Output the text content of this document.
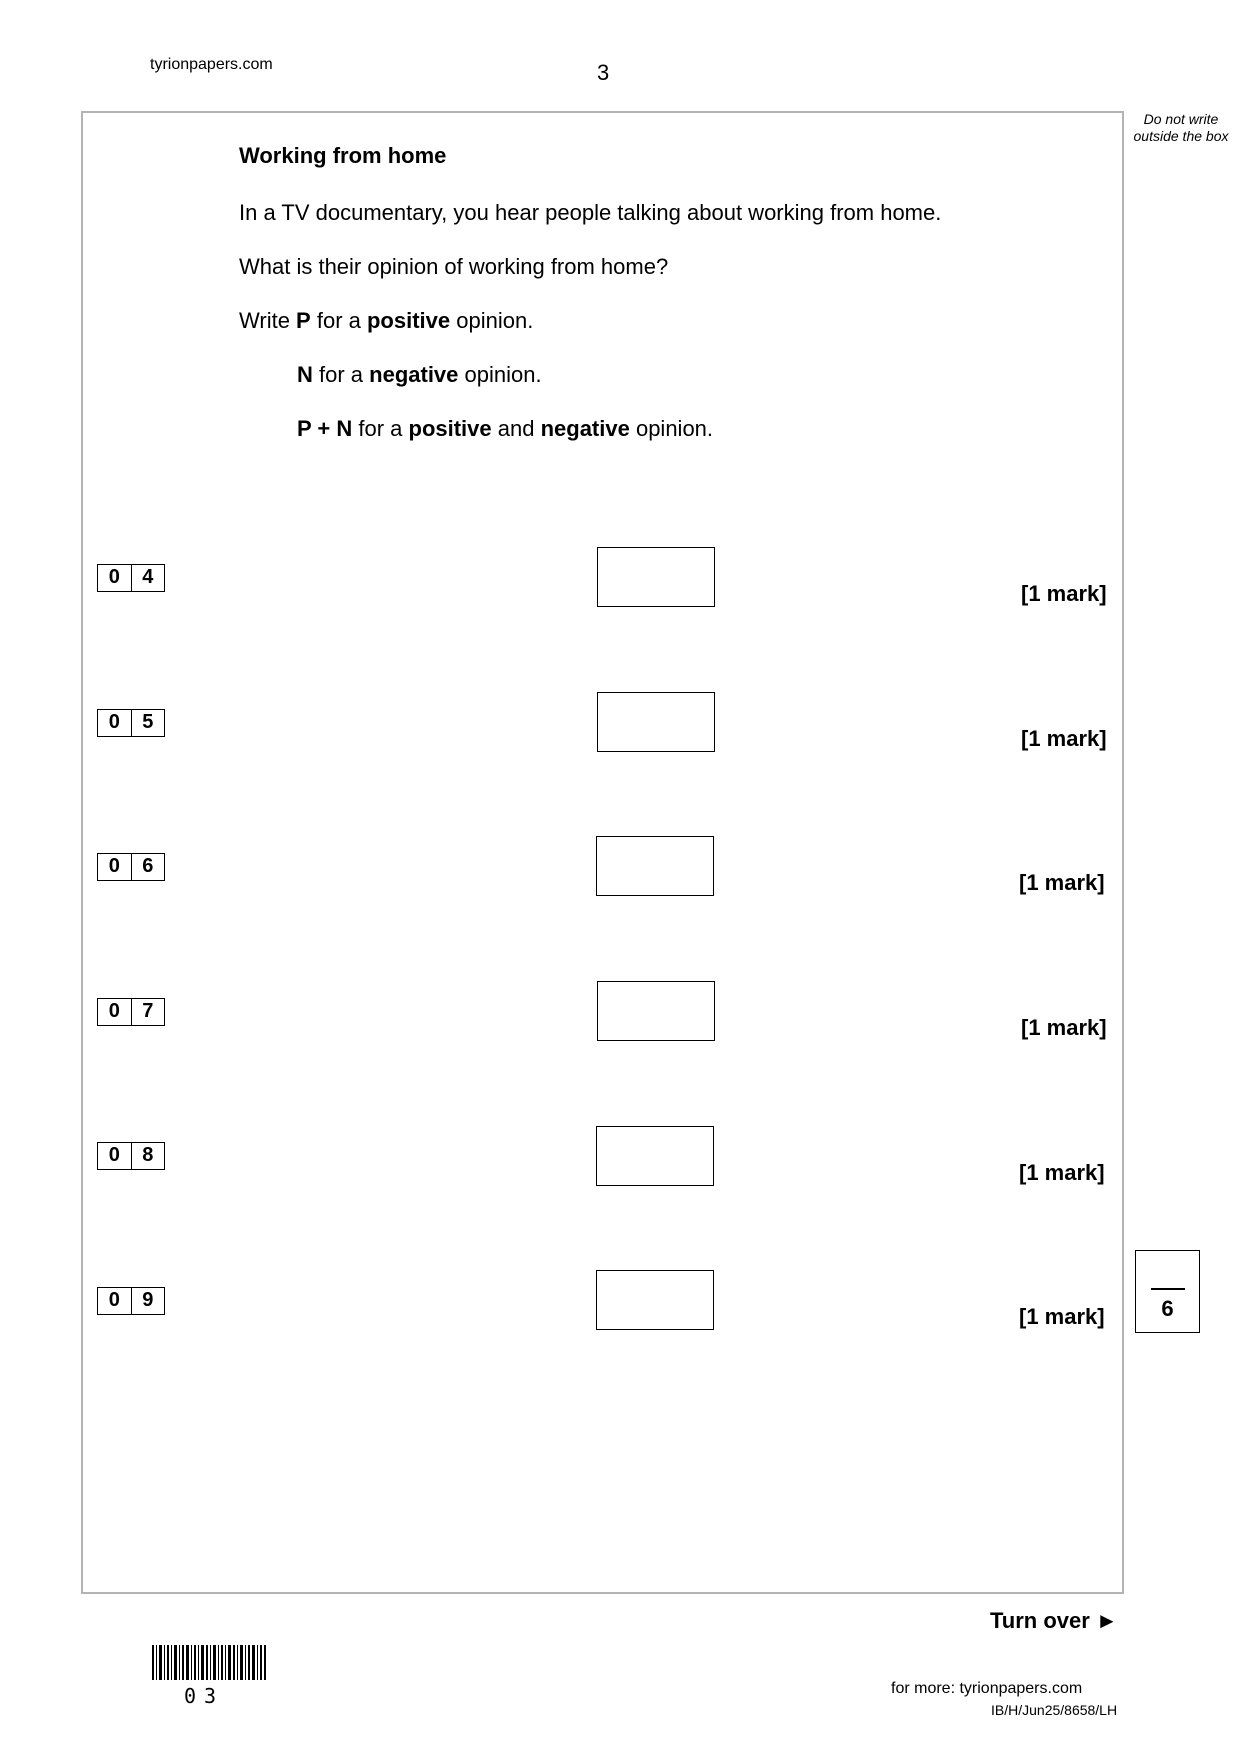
tyrionpapers.com	3
Do not write outside the box
Working from home
In a TV documentary, you hear people talking about working from home.
What is their opinion of working from home?
Write P for a positive opinion.
N for a negative opinion.
P + N for a positive and negative opinion.
0	4
[1 mark]
0	5
[1 mark]
0	6
[1 mark]
0	7
[1 mark]
0	8
[1 mark]
0	9
[1 mark]	6
Turn over ►
03	for more: tyrionpapers.com
IB/H/Jun25/8658/LH
